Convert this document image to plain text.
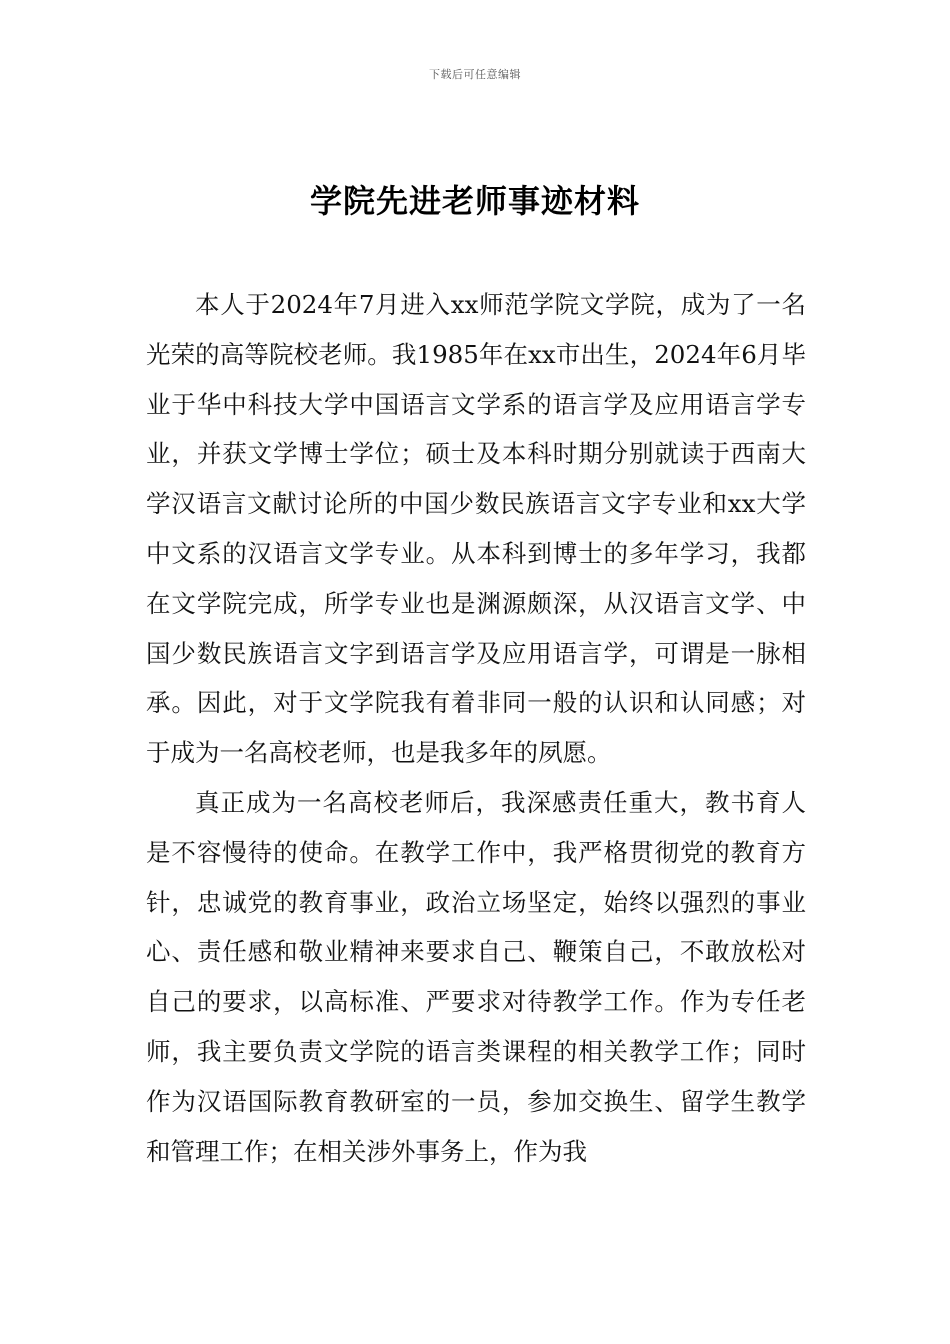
下载后可任意编辑
学院先进老师事迹材料

本人于2024年7月进入xx师范学院文学院，成为了一名光荣的高等院校老师。我1985年在xx市出生，2024年6月毕业于华中科技大学中国语言文学系的语言学及应用语言学专业，并获文学博士学位；硕士及本科时期分别就读于西南大学汉语言文献讨论所的中国少数民族语言文字专业和xx大学中文系的汉语言文学专业。从本科到博士的多年学习，我都在文学院完成，所学专业也是渊源颇深，从汉语言文学、中国少数民族语言文字到语言学及应用语言学，可谓是一脉相承。因此，对于文学院我有着非同一般的认识和认同感；对于成为一名高校老师，也是我多年的夙愿。

真正成为一名高校老师后，我深感责任重大，教书育人是不容慢待的使命。在教学工作中，我严格贯彻党的教育方针，忠诚党的教育事业，政治立场坚定，始终以强烈的事业心、责任感和敬业精神来要求自己、鞭策自己，不敢放松对自己的要求，以高标准、严要求对待教学工作。作为专任老师，我主要负责文学院的语言类课程的相关教学工作；同时作为汉语国际教育教研室的一员，参加交换生、留学生教学和管理工作；在相关涉外事务上，作为我
